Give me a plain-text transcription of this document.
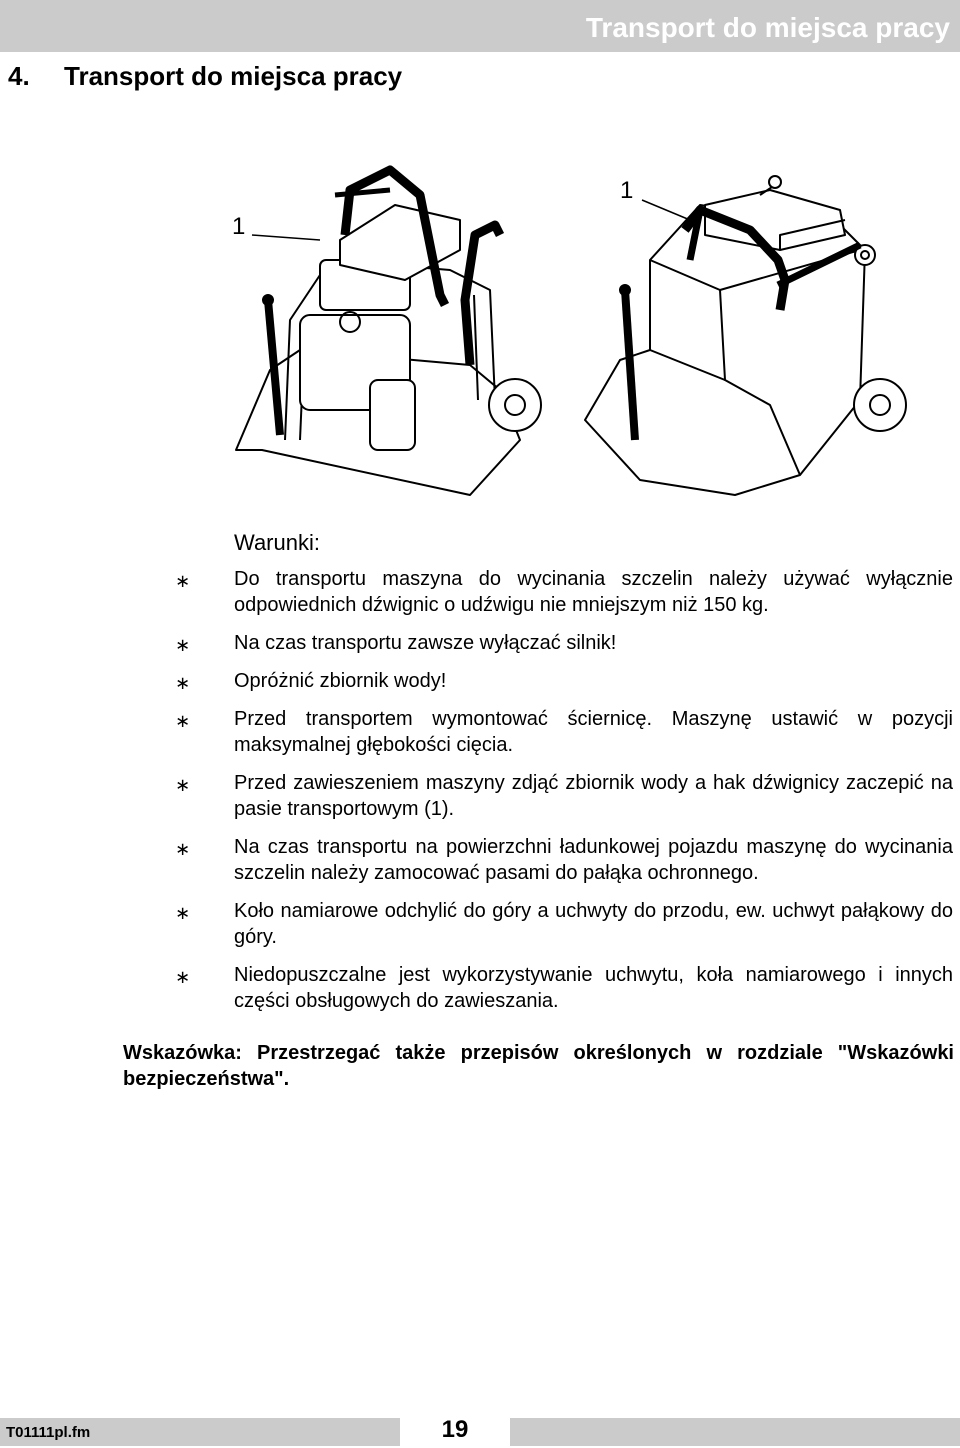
Transport do miejsca pracy
4. Transport do miejsca pracy
1
1
Warunki:
∗ Do transportu maszyna do wycinania szczelin należy używać wyłącznie odpowiednich dźwignic o udźwigu nie mniejszym niż 150 kg.
∗ Na czas transportu zawsze wyłączać silnik!
∗ Opróżnić zbiornik wody!
∗ Przed transportem wymontować ściernicę. Maszynę ustawić w pozycji maksymalnej głębokości cięcia.
∗ Przed zawieszeniem maszyny zdjąć zbiornik wody a hak dźwignicy zaczepić na pasie transportowym (1).
∗ Na czas transportu na powierzchni ładunkowej pojazdu maszynę do wycinania szczelin należy zamocować pasami do pałąka ochronnego.
∗ Koło namiarowe odchylić do góry a uchwyty do przodu, ew. uchwyt pałąkowy do góry.
∗ Niedopuszczalne jest wykorzystywanie uchwytu, koła namiarowego i innych części obsługowych do zawieszania.
Wskazówka: Przestrzegać także przepisów określonych w rozdziale "Wskazówki bezpieczeństwa".
T01111pl.fm	19
